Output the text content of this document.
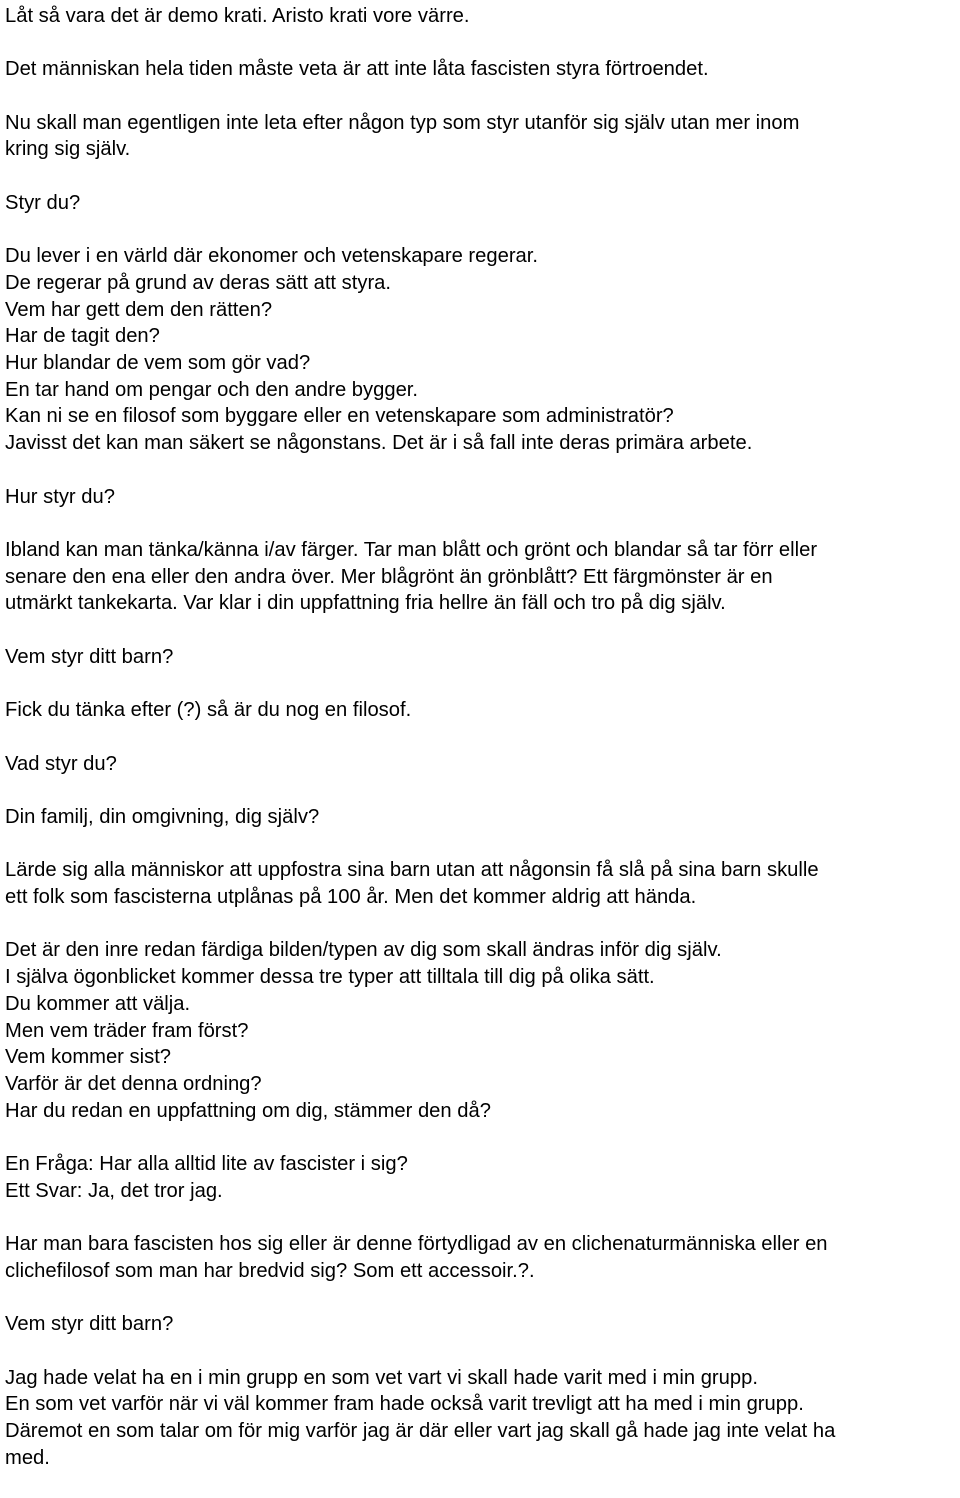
Låt så vara det är demo krati. Aristo krati vore värre.

Det människan hela tiden måste veta är att inte låta fascisten styra förtroendet.

Nu skall man egentligen inte leta efter någon typ som styr utanför sig själv utan mer inom
kring sig själv.

Styr du?

Du lever i en värld där ekonomer och vetenskapare regerar.
De regerar på grund av deras sätt att styra.
Vem har gett dem den rätten?
Har de tagit den?
Hur blandar de vem som gör vad?
En tar hand om pengar och den andre bygger.
Kan ni se en filosof som byggare eller en vetenskapare som administratör?
Javisst det kan man säkert se någonstans. Det är i så fall inte deras primära arbete.

Hur styr du?

Ibland kan man tänka/känna i/av färger. Tar man blått och grönt och blandar så tar förr eller
senare den ena eller den andra över. Mer blågrönt än grönblått? Ett färgmönster är en
utmärkt tankekarta. Var klar i din uppfattning fria hellre än fäll och tro på dig själv.

Vem styr ditt barn?

Fick du tänka efter (?) så är du nog en filosof.

Vad styr du?

Din familj, din omgivning, dig själv?

Lärde sig alla människor att uppfostra sina barn utan att någonsin få slå på sina barn skulle
ett folk som fascisterna utplånas på 100 år. Men det kommer aldrig att hända.

Det är den inre redan färdiga bilden/typen av dig som skall ändras inför dig själv.
I själva ögonblicket kommer dessa tre typer att tilltala till dig på olika sätt.
Du kommer att välja.
Men vem träder fram först?
Vem kommer sist?
Varför är det denna ordning?
Har du redan en uppfattning om dig, stämmer den då?

En Fråga: Har alla alltid lite av fascister i sig?
Ett Svar: Ja, det tror jag.

Har man bara fascisten hos sig eller är denne förtydligad av en clichenaturmänniska eller en
clichefilosof som man har bredvid sig? Som ett accessoir.?.

Vem styr ditt barn?

Jag hade velat ha en i min grupp en som vet vart vi skall hade varit med i min grupp.
En som vet varför när vi väl kommer fram hade också varit trevligt att ha med i min grupp.
Däremot en som talar om för mig varför jag är där eller vart jag skall gå hade jag inte velat ha
med.
